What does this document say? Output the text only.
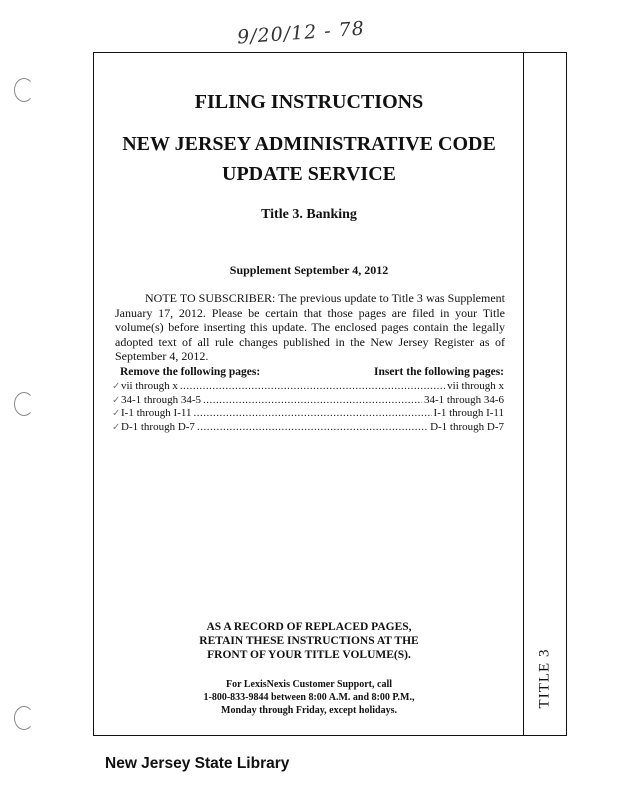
9/20/12 - 78
FILING INSTRUCTIONS
NEW JERSEY ADMINISTRATIVE CODE
UPDATE SERVICE
Title 3. Banking
Supplement September 4, 2012
NOTE TO SUBSCRIBER: The previous update to Title 3 was Supplement January 17, 2012. Please be certain that those pages are filed in your Title volume(s) before inserting this update. The enclosed pages contain the legally adopted text of all rule changes published in the New Jersey Register as of September 4, 2012.
Remove the following pages:	Insert the following pages:
✓ vii through x .....	vii through x
✓ 34-1 through 34-5 .....	34-1 through 34-6
✓ I-1 through I-11 .....	I-1 through I-11
✓ D-1 through D-7 .....	D-1 through D-7
AS A RECORD OF REPLACED PAGES,
RETAIN THESE INSTRUCTIONS AT THE
FRONT OF YOUR TITLE VOLUME(S).
For LexisNexis Customer Support, call
1-800-833-9844 between 8:00 A.M. and 8:00 P.M.,
Monday through Friday, except holidays.
TITLE 3
New Jersey State Library
